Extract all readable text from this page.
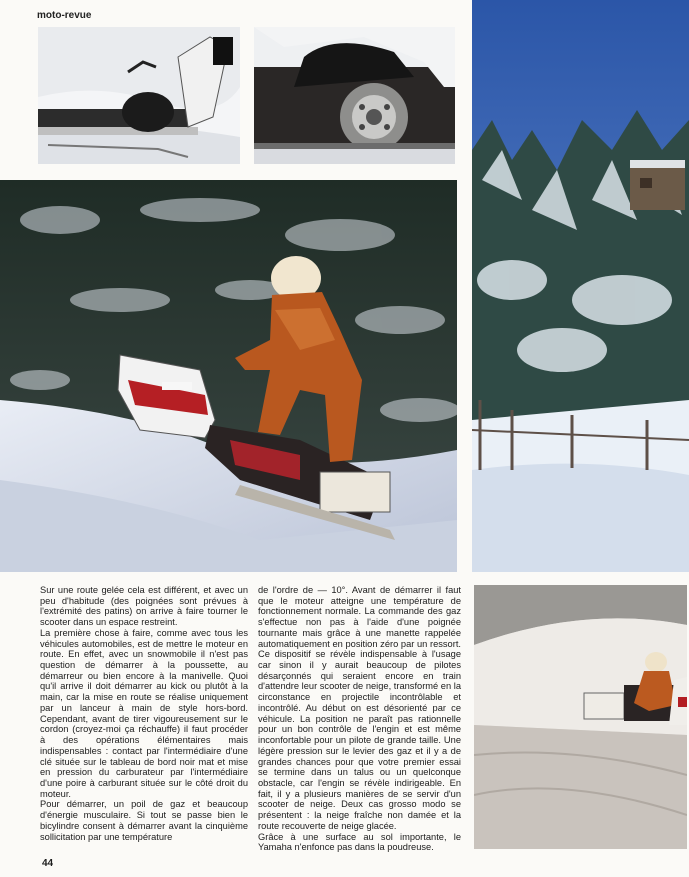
moto-revue

Sur une route gelée cela est différent, et avec un peu d'habitude (des poignées sont prévues à l'extrémité des patins) on arrive à faire tourner le scooter dans un espace restreint.

La première chose à faire, comme avec tous les véhicules automobiles, est de mettre le moteur en route. En effet, avec un snowmobile il n'est pas question de démarrer à la poussette, au démarreur ou bien encore à la manivelle. Quoi qu'il arrive il doit démarrer au kick ou plutôt à la main, car la mise en route se réalise uniquement par un lanceur à main de style hors-bord. Cependant, avant de tirer vigoureusement sur le cordon (croyez-moi ça réchauffe) il faut procéder à des opérations élémentaires mais indispensables : contact par l'intermédiaire d'une clé située sur le tableau de bord noir mat et mise en pression du carburateur par l'intermédiaire d'une poire à carburant située sur le côté droit du moteur.

Pour démarrer, un poil de gaz et beaucoup d'énergie musculaire. Si tout se passe bien le bicylindre consent à démarrer avant la cinquième sollicitation par une température

de l'ordre de — 10°. Avant de démarrer il faut que le moteur atteigne une température de fonctionnement normale. La commande des gaz s'effectue non pas à l'aide d'une poignée tournante mais grâce à une manette rappelée automatiquement en position zéro par un ressort. Ce dispositif se révèle indispensable à l'usage car sinon il y aurait beaucoup de pilotes désarçonnés qui seraient encore en train d'attendre leur scooter de neige, transformé en la circonstance en projectile incontrôlable et incontrôlé. Au début on est désorienté par ce véhicule. La position ne paraît pas rationnelle pour un bon contrôle de l'engin et est même inconfortable pour un pilote de grande taille. Une légère pression sur le levier des gaz et il y a de grandes chances pour que votre premier essai se termine dans un talus ou un quelconque obstacle, car l'engin se révèle indirigeable. En fait, il y a plusieurs manières de se servir d'un scooter de neige. Deux cas grosso modo se présentent : la neige fraîche non damée et la route recouverte de neige glacée.

Grâce à une surface au sol importante, le Yamaha n'enfonce pas dans la poudreuse.

44
